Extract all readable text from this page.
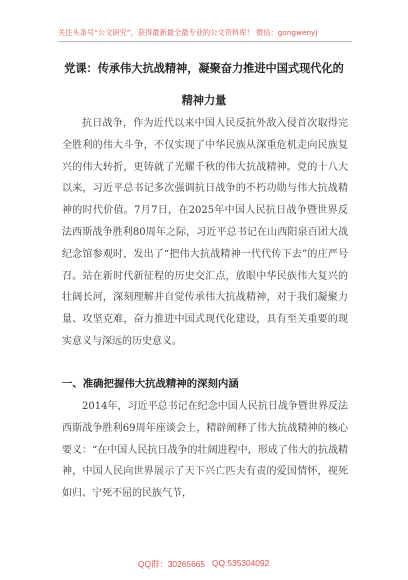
关注头条号“公文研究”，获得最新最全最专业的公文资料库！ 微信：gongwenyj
党课：传承伟大抗战精神，凝聚奋力推进中国式现代化的
精神力量

抗日战争，作为近代以来中国人民反抗外敌入侵首次取得完全胜利的伟大斗争，不仅实现了中华民族从深重危机走向民族复兴的伟大转折，更铸就了光耀千秋的伟大抗战精神。党的十八大以来，习近平总书记多次强调抗日战争的不朽功勋与伟大抗战精神的时代价值。7月7日，在2025年中国人民抗日战争暨世界反法西斯战争胜利80周年之际，习近平总书记在山西阳泉百团大战纪念馆参观时，发出了“把伟大抗战精神一代代传下去”的庄严号召。站在新时代新征程的历史交汇点，放眼中华民族伟大复兴的壮阔长河，深刻理解并自觉传承伟大抗战精神，对于我们凝聚力量、攻坚克难，奋力推进中国式现代化建设，具有至关重要的现实意义与深远的历史意义。

一、准确把握伟大抗战精神的深刻内涵

2014年，习近平总书记在纪念中国人民抗日战争暨世界反法西斯战争胜利69周年座谈会上，精辟阐释了伟大抗战精神的核心要义：“在中国人民抗日战争的壮阔进程中，形成了伟大的抗战精神，中国人民向世界展示了天下兴亡匹夫有责的爱国情怀，视死如归、宁死不屈的民族气节，

QQ群：30265665 QQ:535304092
